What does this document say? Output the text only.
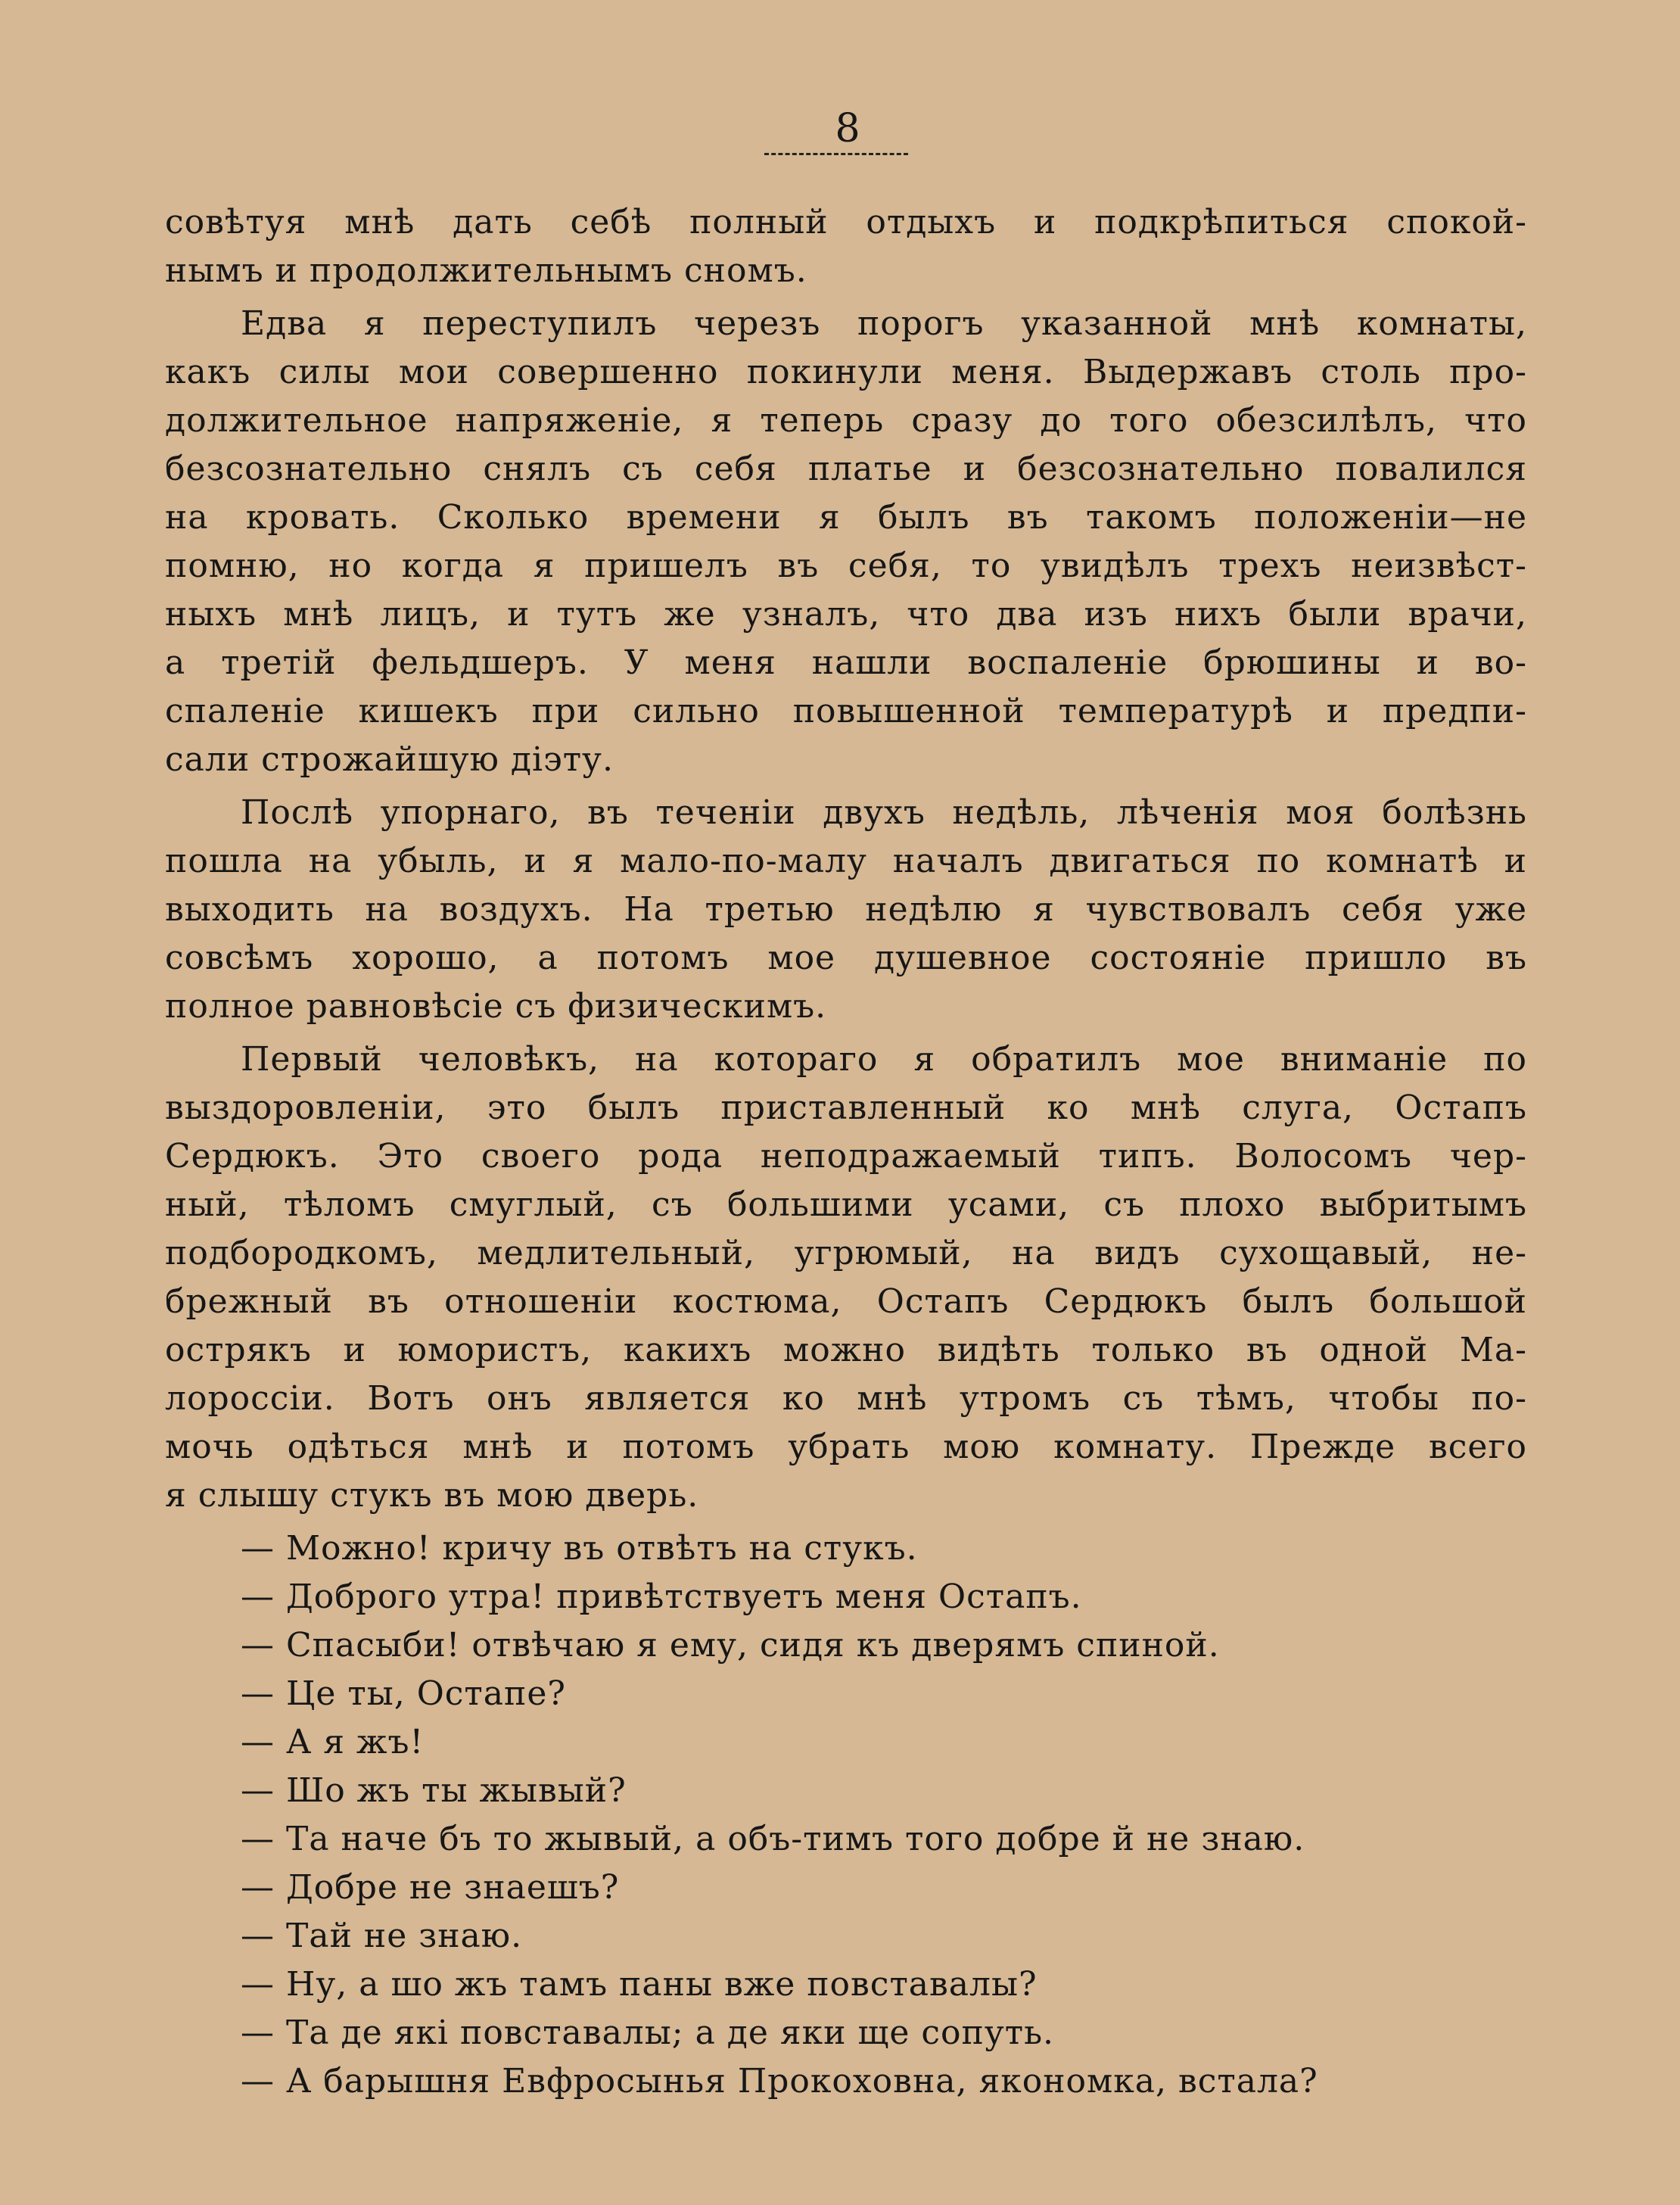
8
совѣтуя мнѣ дать себѣ полный отдыхъ и подкрѣпиться спокой-
нымъ и продолжительнымъ сномъ.
Едва я переступилъ черезъ порогъ указанной мнѣ комнаты,
какъ силы мои совершенно покинули меня. Выдержавъ столь про-
должительное напряженіе, я теперь сразу до того обезсилѣлъ, что
безсознательно снялъ съ себя платье и безсознательно повалился
на кровать. Сколько времени я былъ въ такомъ положеніи—не
помню, но когда я пришелъ въ себя, то увидѣлъ трехъ неизвѣст-
ныхъ мнѣ лицъ, и тутъ же узналъ, что два изъ нихъ были врачи,
а третій фельдшеръ. У меня нашли воспаленіе брюшины и во-
спаленіе кишекъ при сильно повышенной температурѣ и предпи-
сали строжайшую діэту.
Послѣ упорнаго, въ теченіи двухъ недѣль, лѣченія моя болѣзнь
пошла на убыль, и я мало-по-малу началъ двигаться по комнатѣ и
выходить на воздухъ. На третью недѣлю я чувствовалъ себя уже
совсѣмъ хорошо, а потомъ мое душевное состояніе пришло въ
полное равновѣсіе съ физическимъ.
Первый человѣкъ, на котораго я обратилъ мое вниманіе по
выздоровленіи, это былъ приставленный ко мнѣ слуга, Остапъ
Сердюкъ. Это своего рода неподражаемый типъ. Волосомъ чер-
ный, тѣломъ смуглый, съ большими усами, съ плохо выбритымъ
подбородкомъ, медлительный, угрюмый, на видъ сухощавый, не-
брежный въ отношеніи костюма, Остапъ Сердюкъ былъ большой
острякъ и юмористъ, какихъ можно видѣть только въ одной Ма-
лороссіи. Вотъ онъ является ко мнѣ утромъ съ тѣмъ, чтобы по-
мочь одѣться мнѣ и потомъ убрать мою комнату. Прежде всего
я слышу стукъ въ мою дверь.
— Можно! кричу въ отвѣтъ на стукъ.
— Доброго утра! привѣтствуетъ меня Остапъ.
— Спасыби! отвѣчаю я ему, сидя къ дверямъ спиной.
— Це ты, Остапе?
— А я жъ!
— Шо жъ ты жывый?
— Та наче бъ то жывый, а объ-тимъ того добре й не знаю.
— Добре не знаешъ?
— Тай не знаю.
— Ну, а шо жъ тамъ паны вже повставалы?
— Та де які повставалы; а де яки ще сопуть.
— А барышня Евфросынья Прокоховна, якономка, встала?
